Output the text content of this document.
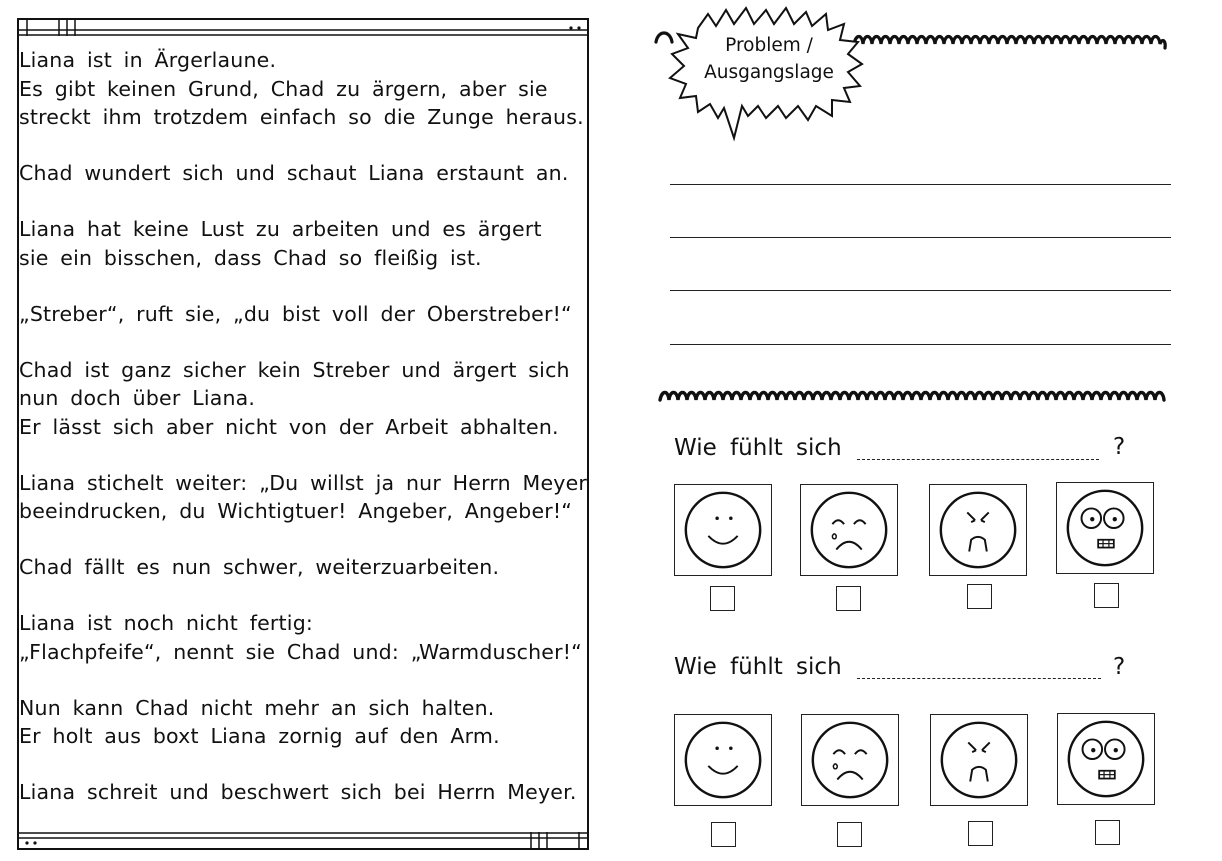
Liana ist in Ärgerlaune.
Es gibt keinen Grund, Chad zu ärgern, aber sie
streckt ihm trotzdem einfach so die Zunge heraus.
Chad wundert sich und schaut Liana erstaunt an.
Liana hat keine Lust zu arbeiten und es ärgert
sie ein bisschen, dass Chad so fleißig ist.
„Streber“, ruft sie, „du bist voll der Oberstreber!“
Chad ist ganz sicher kein Streber und ärgert sich
nun doch über Liana.
Er lässt sich aber nicht von der Arbeit abhalten.
Liana stichelt weiter: „Du willst ja nur Herrn Meyer
beeindrucken, du Wichtigtuer! Angeber, Angeber!“
Chad fällt es nun schwer, weiterzuarbeiten.
Liana ist noch nicht fertig:
„Flachpfeife“, nennt sie Chad und: „Warmduscher!“
Nun kann Chad nicht mehr an sich halten.
Er holt aus boxt Liana zornig auf den Arm.
Liana schreit und beschwert sich bei Herrn Meyer.
Problem /
Ausgangslage
Wie fühlt sich	?
Wie fühlt sich	?
